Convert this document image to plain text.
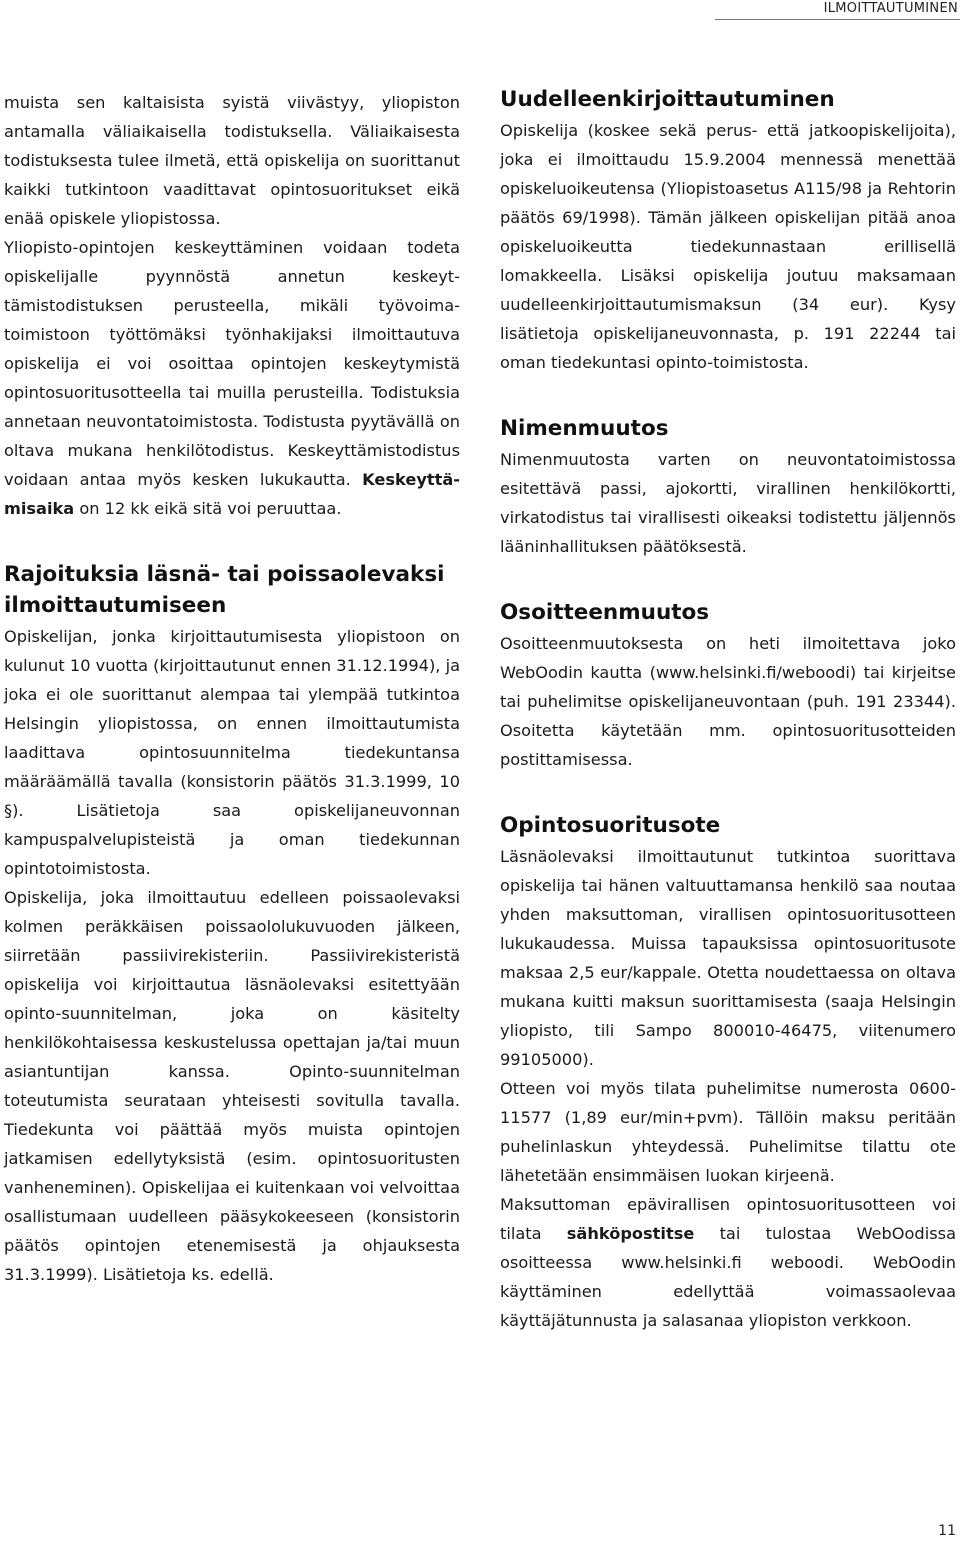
ILMOITTAUTUMINEN

muista sen kaltaisista syistä viivästyy, yliopiston antamalla väliaikaisella todistuksella. Väliaikaisesta todistuksesta tulee ilmetä, että opiskelija on suorittanut kaikki tutkintoon vaadittavat opintosuoritukset eikä enää opiskele yliopistossa.

Yliopisto-opintojen keskeyttäminen voidaan todeta opiskelijalle pyynnöstä annetun keskeyttämistodistuksen perusteella, mikäli työvoimatoimistoon työttömäksi työnhakijaksi ilmoittautuva opiskelija ei voi osoittaa opintojen keskeytymistä opintosuoritusotteella tai muilla perusteilla. Todistuksia annetaan neuvontatoimistosta. Todistusta pyytävällä on oltava mukana henkilötodistus. Keskeyttämistodistus voidaan antaa myös kesken lukukautta. Keskeyttämisaika on 12 kk eikä sitä voi peruuttaa.

Rajoituksia läsnä- tai poissaolevaksi ilmoittautumiseen

Opiskelijan, jonka kirjoittautumisesta yliopistoon on kulunut 10 vuotta (kirjoittautunut ennen 31.12.1994), ja joka ei ole suorittanut alempaa tai ylempää tutkintoa Helsingin yliopistossa, on ennen ilmoittautumista laadittava opintosuunnitelma tiedekuntansa määräämällä tavalla (konsistorin päätös 31.3.1999, 10 §). Lisätietoja saa opiskelijaneuvonnan kampuspalvelupisteistä ja oman tiedekunnan opintotoimistosta.

Opiskelija, joka ilmoittautuu edelleen poissaolevaksi kolmen peräkkäisen poissaololukuvuoden jälkeen, siirretään passiivirekisteriin. Passiivirekisteristä opiskelija voi kirjoittautua läsnäolevaksi esitettyään opinto-suunnitelman, joka on käsitelty henkilökohtaisessa keskustelussa opettajan ja/tai muun asiantuntijan kanssa. Opinto-suunnitelman toteutumista seurataan yhteisesti sovitulla tavalla. Tiedekunta voi päättää myös muista opintojen jatkamisen edellytyksistä (esim. opintosuoritusten vanheneminen). Opiskelijaa ei kuitenkaan voi velvoittaa osallistumaan uudelleen pääsykokeeseen (konsistorin päätös opintojen etenemisestä ja ohjauksesta 31.3.1999). Lisätietoja ks. edellä.

Uudelleenkirjoittautuminen

Opiskelija (koskee sekä perus- että jatkoopiskelijoita), joka ei ilmoittaudu 15.9.2004 mennessä menettää opiskeluoikeutensa (Yliopistoasetus A115/98 ja Rehtorin päätös 69/1998). Tämän jälkeen opiskelijan pitää anoa opiskeluoikeutta tiedekunnastaan erillisellä lomakkeella. Lisäksi opiskelija joutuu maksamaan uudelleenkirjoittautumismaksun (34 eur). Kysy lisätietoja opiskelijaneuvonnasta, p. 191 22244 tai oman tiedekuntasi opinto-toimistosta.

Nimenmuutos

Nimenmuutosta varten on neuvontatoimistossa esitettävä passi, ajokortti, virallinen henkilökortti, virkatodistus tai virallisesti oikeaksi todistettu jäljennös lääninhallituksen päätöksestä.

Osoitteenmuutos

Osoitteenmuutoksesta on heti ilmoitettava joko WebOodin kautta (www.helsinki.fi/weboodi) tai kirjeitse tai puhelimitse opiskelijaneuvontaan (puh. 191 23344). Osoitetta käytetään mm. opintosuoritusotteiden postittamisessa.

Opintosuoritusote

Läsnäolevaksi ilmoittautunut tutkintoa suorittava opiskelija tai hänen valtuuttamansa henkilö saa noutaa yhden maksuttoman, virallisen opintosuoritusotteen lukukaudessa. Muissa tapauksissa opintosuoritusote maksaa 2,5 eur/kappale. Otetta noudettaessa on oltava mukana kuitti maksun suorittamisesta (saaja Helsingin yliopisto, tili Sampo 800010-46475, viitenumero 99105000).

Otteen voi myös tilata puhelimitse numerosta 0600-11577 (1,89 eur/min+pvm). Tällöin maksu peritään puhelinlaskun yhteydessä. Puhelimitse tilattu ote lähetetään ensimmäisen luokan kirjeenä.

Maksuttoman epävirallisen opintosuoritusotteen voi tilata sähköpostitse tai tulostaa WebOodissa osoitteessa www.helsinki.fi weboodi. WebOodin käyttäminen edellyttää voimassaolevaa käyttäjätunnusta ja salasanaa yliopiston verkkoon.

11
